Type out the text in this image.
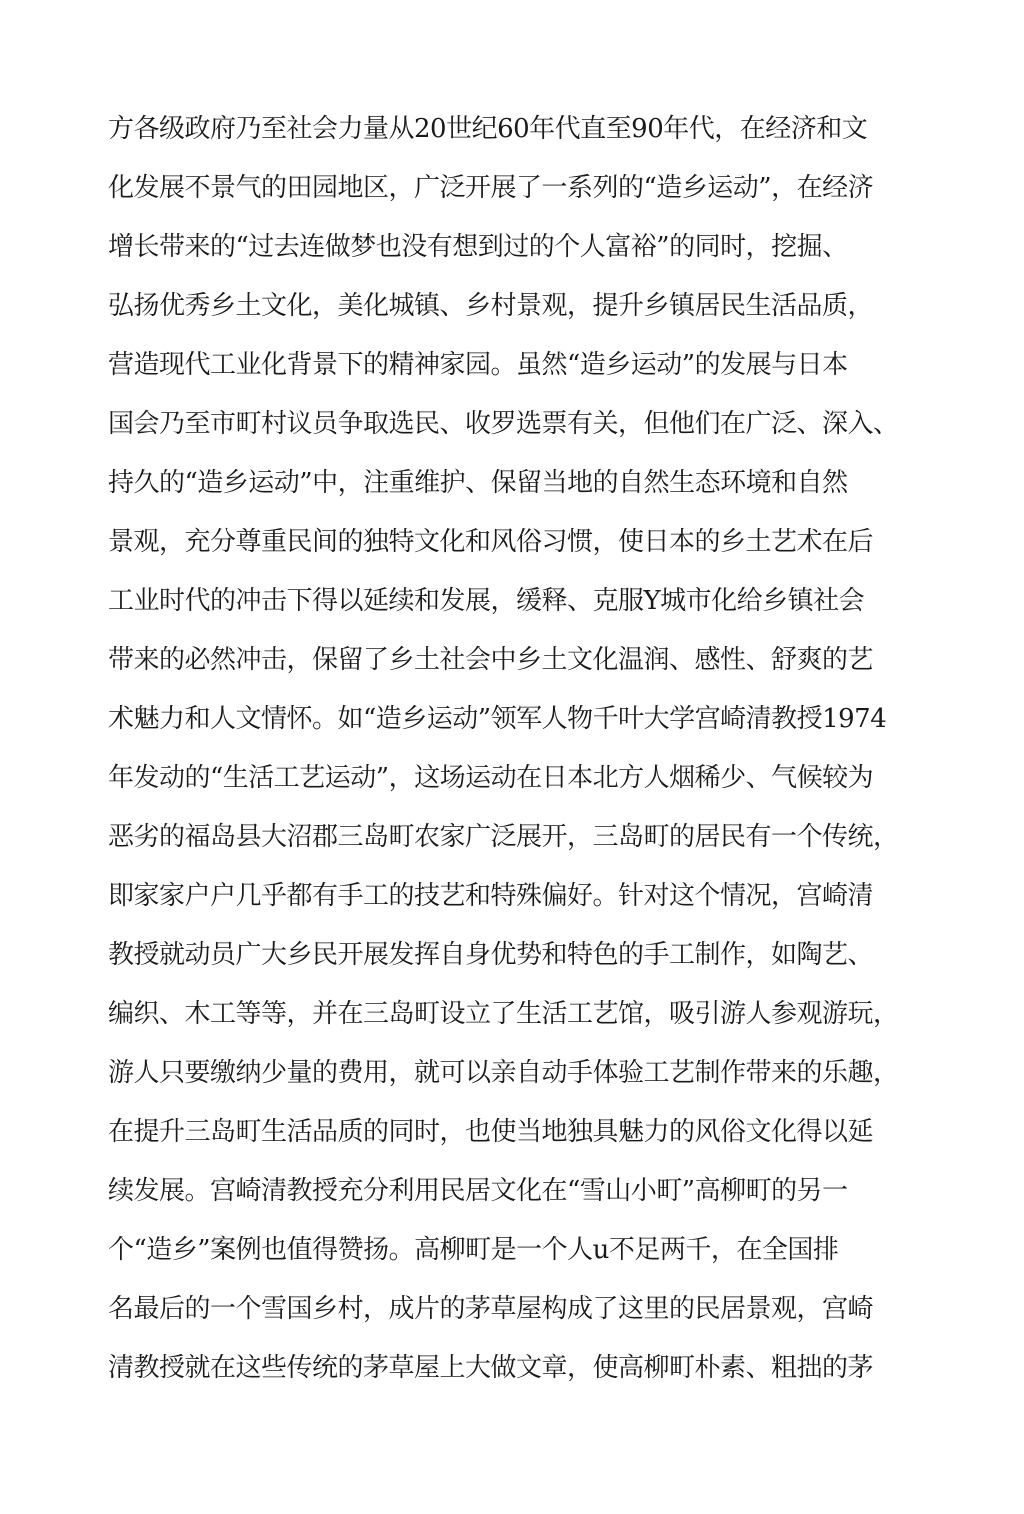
方各级政府乃至社会力量从20世纪60年代直至90年代，在经济和文
化发展不景气的田园地区，广泛开展了一系列的“造乡运动”，在经济
增长带来的“过去连做梦也没有想到过的个人富裕”的同时，挖掘、
弘扬优秀乡土文化，美化城镇、乡村景观，提升乡镇居民生活品质，
营造现代工业化背景下的精神家园。虽然“造乡运动”的发展与日本
国会乃至市町村议员争取选民、收罗选票有关，但他们在广泛、深入、
持久的“造乡运动”中，注重维护、保留当地的自然生态环境和自然
景观，充分尊重民间的独特文化和风俗习惯，使日本的乡土艺术在后
工业时代的冲击下得以延续和发展，缓释、克服Y城市化给乡镇社会
带来的必然冲击，保留了乡土社会中乡土文化温润、感性、舒爽的艺
术魅力和人文情怀。如“造乡运动”领军人物千叶大学宫崎清教授1974
年发动的“生活工艺运动”，这场运动在日本北方人烟稀少、气候较为
恶劣的福岛县大沼郡三岛町农家广泛展开，三岛町的居民有一个传统，
即家家户户几乎都有手工的技艺和特殊偏好。针对这个情况，宫崎清
教授就动员广大乡民开展发挥自身优势和特色的手工制作，如陶艺、
编织、木工等等，并在三岛町设立了生活工艺馆，吸引游人参观游玩，
游人只要缴纳少量的费用，就可以亲自动手体验工艺制作带来的乐趣，
在提升三岛町生活品质的同时，也使当地独具魅力的风俗文化得以延
续发展。宫崎清教授充分利用民居文化在“雪山小町”高柳町的另一
个“造乡”案例也值得赞扬。高柳町是一个人u不足两千，在全国排
名最后的一个雪国乡村，成片的茅草屋构成了这里的民居景观，宫崎
清教授就在这些传统的茅草屋上大做文章，使高柳町朴素、粗拙的茅
